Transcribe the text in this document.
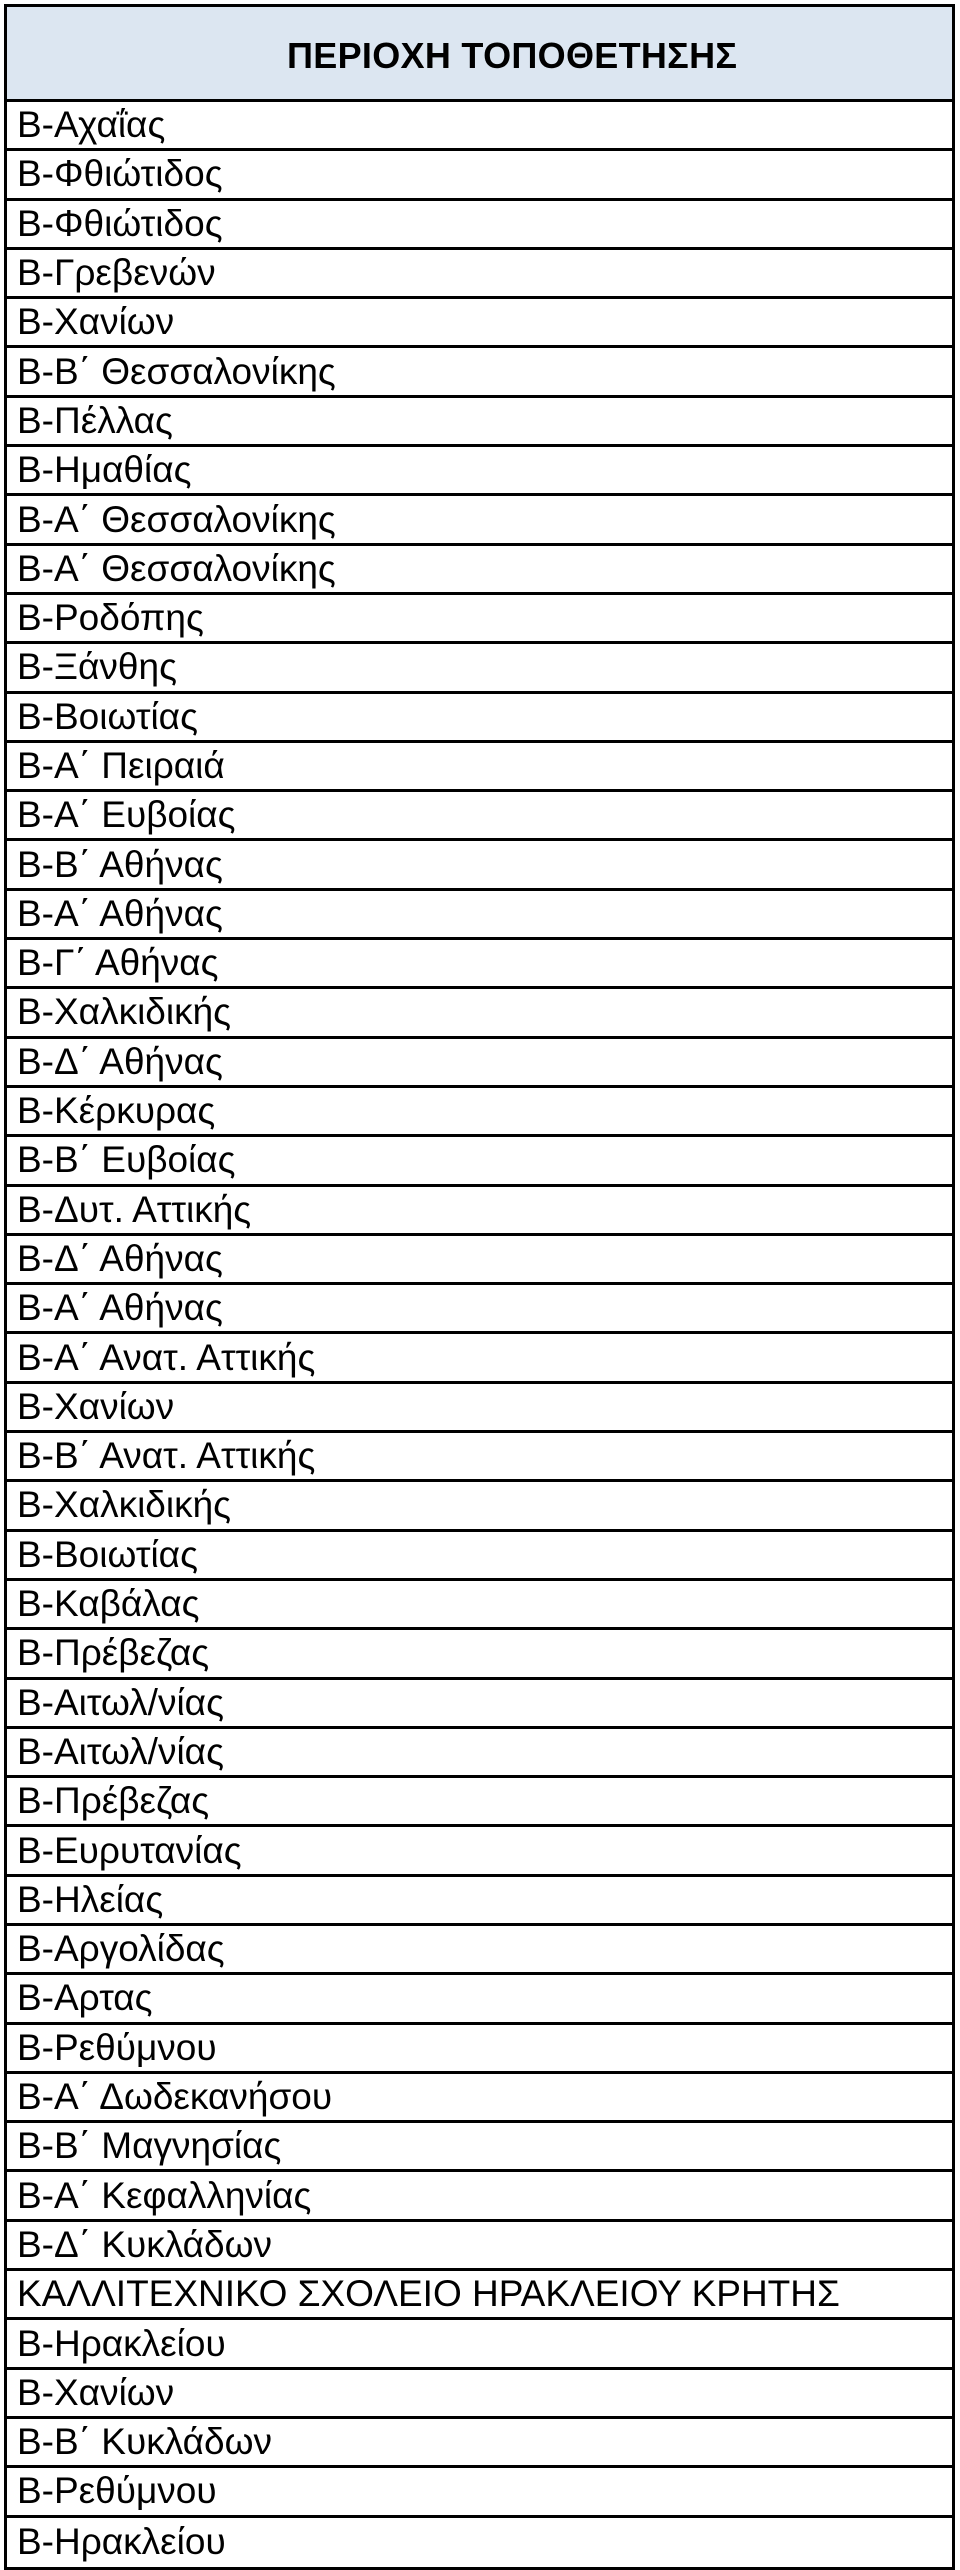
ΠΕΡΙΟΧΗ ΤΟΠΟΘΕΤΗΣΗΣ
Β-Αχαΐας
Β-Φθιώτιδος
Β-Φθιώτιδος
Β-Γρεβενών
Β-Χανίων
Β-Β΄ Θεσσαλονίκης
Β-Πέλλας
Β-Ημαθίας
Β-Α΄ Θεσσαλονίκης
Β-Α΄ Θεσσαλονίκης
Β-Ροδόπης
Β-Ξάνθης
Β-Βοιωτίας
Β-Α΄ Πειραιά
Β-Α΄ Ευβοίας
Β-Β΄ Αθήνας
Β-Α΄ Αθήνας
Β-Γ΄ Αθήνας
Β-Χαλκιδικής
Β-Δ΄ Αθήνας
Β-Κέρκυρας
Β-Β΄ Ευβοίας
Β-Δυτ. Αττικής
Β-Δ΄ Αθήνας
Β-Α΄ Αθήνας
Β-Α΄ Ανατ. Αττικής
Β-Χανίων
Β-Β΄ Ανατ. Αττικής
Β-Χαλκιδικής
Β-Βοιωτίας
Β-Καβάλας
Β-Πρέβεζας
Β-Αιτωλ/νίας
Β-Αιτωλ/νίας
Β-Πρέβεζας
Β-Ευρυτανίας
Β-Ηλείας
Β-Αργολίδας
Β-Αρτας
Β-Ρεθύμνου
Β-Α΄ Δωδεκανήσου
Β-Β΄ Μαγνησίας
Β-Α΄ Κεφαλληνίας
Β-Δ΄ Κυκλάδων
ΚΑΛΛΙΤΕΧΝΙΚΟ ΣΧΟΛΕΙΟ ΗΡΑΚΛΕΙΟΥ ΚΡΗΤΗΣ
Β-Ηρακλείου
Β-Χανίων
Β-Β΄ Κυκλάδων
Β-Ρεθύμνου
Β-Ηρακλείου
